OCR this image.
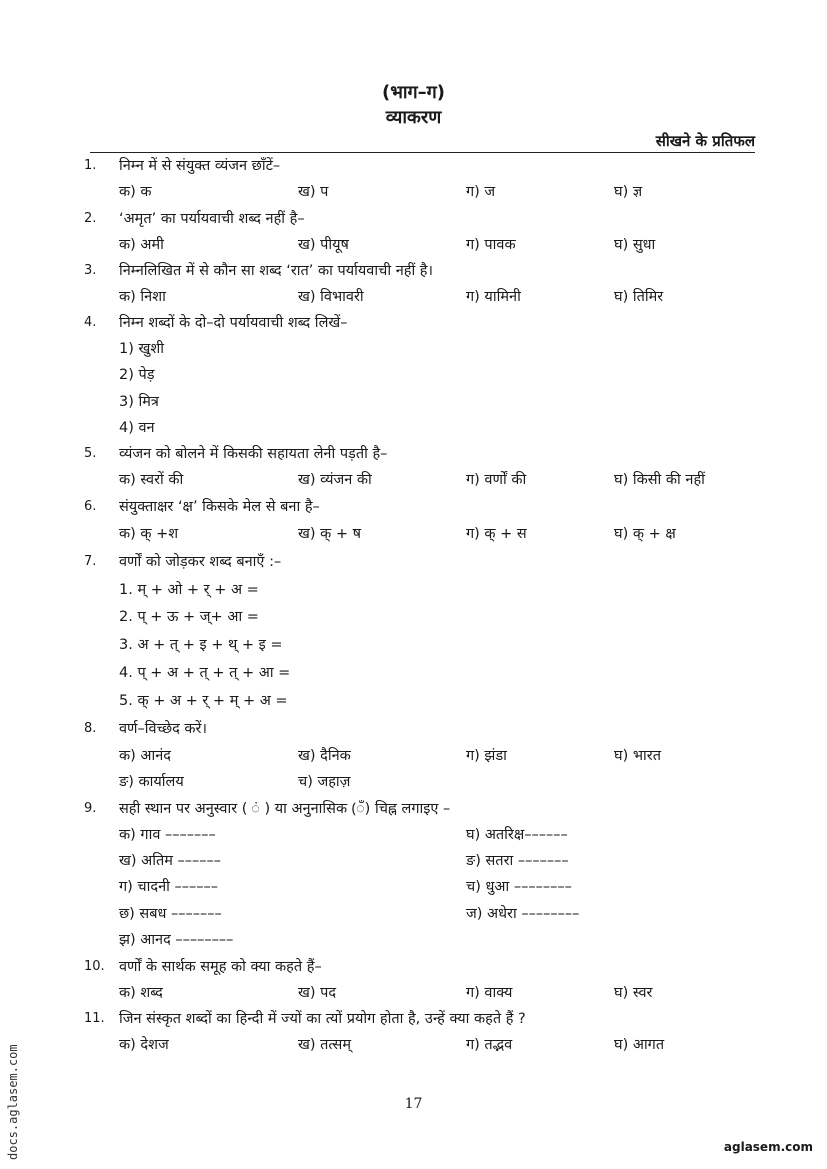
(भाग–ग)
व्याकरण
सीखने के प्रतिफल
1. निम्न में से संयुक्त व्यंजन छाँटें–
क) क	ख) प	ग) ज	घ) ज्ञ
2. ‘अमृत’ का पर्यायवाची शब्द नहीं है–
क) अमी	ख) पीयूष	ग) पावक	घ) सुधा
3. निम्नलिखित में से कौन सा शब्द ‘रात’ का पर्यायवाची नहीं है।
क) निशा	ख) विभावरी	ग) यामिनी	घ) तिमिर
4. निम्न शब्दों के दो–दो पर्यायवाची शब्द लिखें–
1) खुशी
2) पेड़
3) मित्र
4) वन
5. व्यंजन को बोलने में किसकी सहायता लेनी पड़ती है–
क) स्वरों की	ख) व्यंजन की	ग) वर्णों की	घ) किसी की नहीं
6. संयुक्ताक्षर ‘क्ष’ किसके मेल से बना है–
क) क् +श	ख) क् + ष	ग) क् + स	घ) क् + क्ष
7. वर्णों को जोड़कर शब्द बनाएँ :–
1. म् + ओ + र् + अ =
2. प् + ऊ + ज्+ आ =
3. अ + त् + इ + थ् + इ =
4. प् + अ + त् + त् + आ =
5. क् + अ + र् + म् + अ =
8. वर्ण–विच्छेद करें।
क) आनंद	ख) दैनिक	ग) झंडा	घ) भारत
ङ) कार्यालय	च) जहाज़
9. सही स्थान पर अनुस्वार ( ं ) या अनुनासिक (ँ) चिह्न लगाइए –
क) गाव –––––––	घ) अतरिक्ष––––––
ख) अतिम ––––––	ङ) सतरा –––––––
ग) चादनी ––––––	च) धुआ ––––––––
छ) सबध –––––––	ज) अधेरा ––––––––
झ) आनद ––––––––
10. वर्णों के सार्थक समूह को क्या कहते हैं–
क) शब्द	ख) पद	ग) वाक्य	घ) स्वर
11. जिन संस्कृत शब्दों का हिन्दी में ज्यों का त्यों प्रयोग होता है, उन्हें क्या कहते हैं ?
क) देशज	ख) तत्सम्	ग) तद्भव	घ) आगत
17
docs.aglasem.com	aglasem.com
